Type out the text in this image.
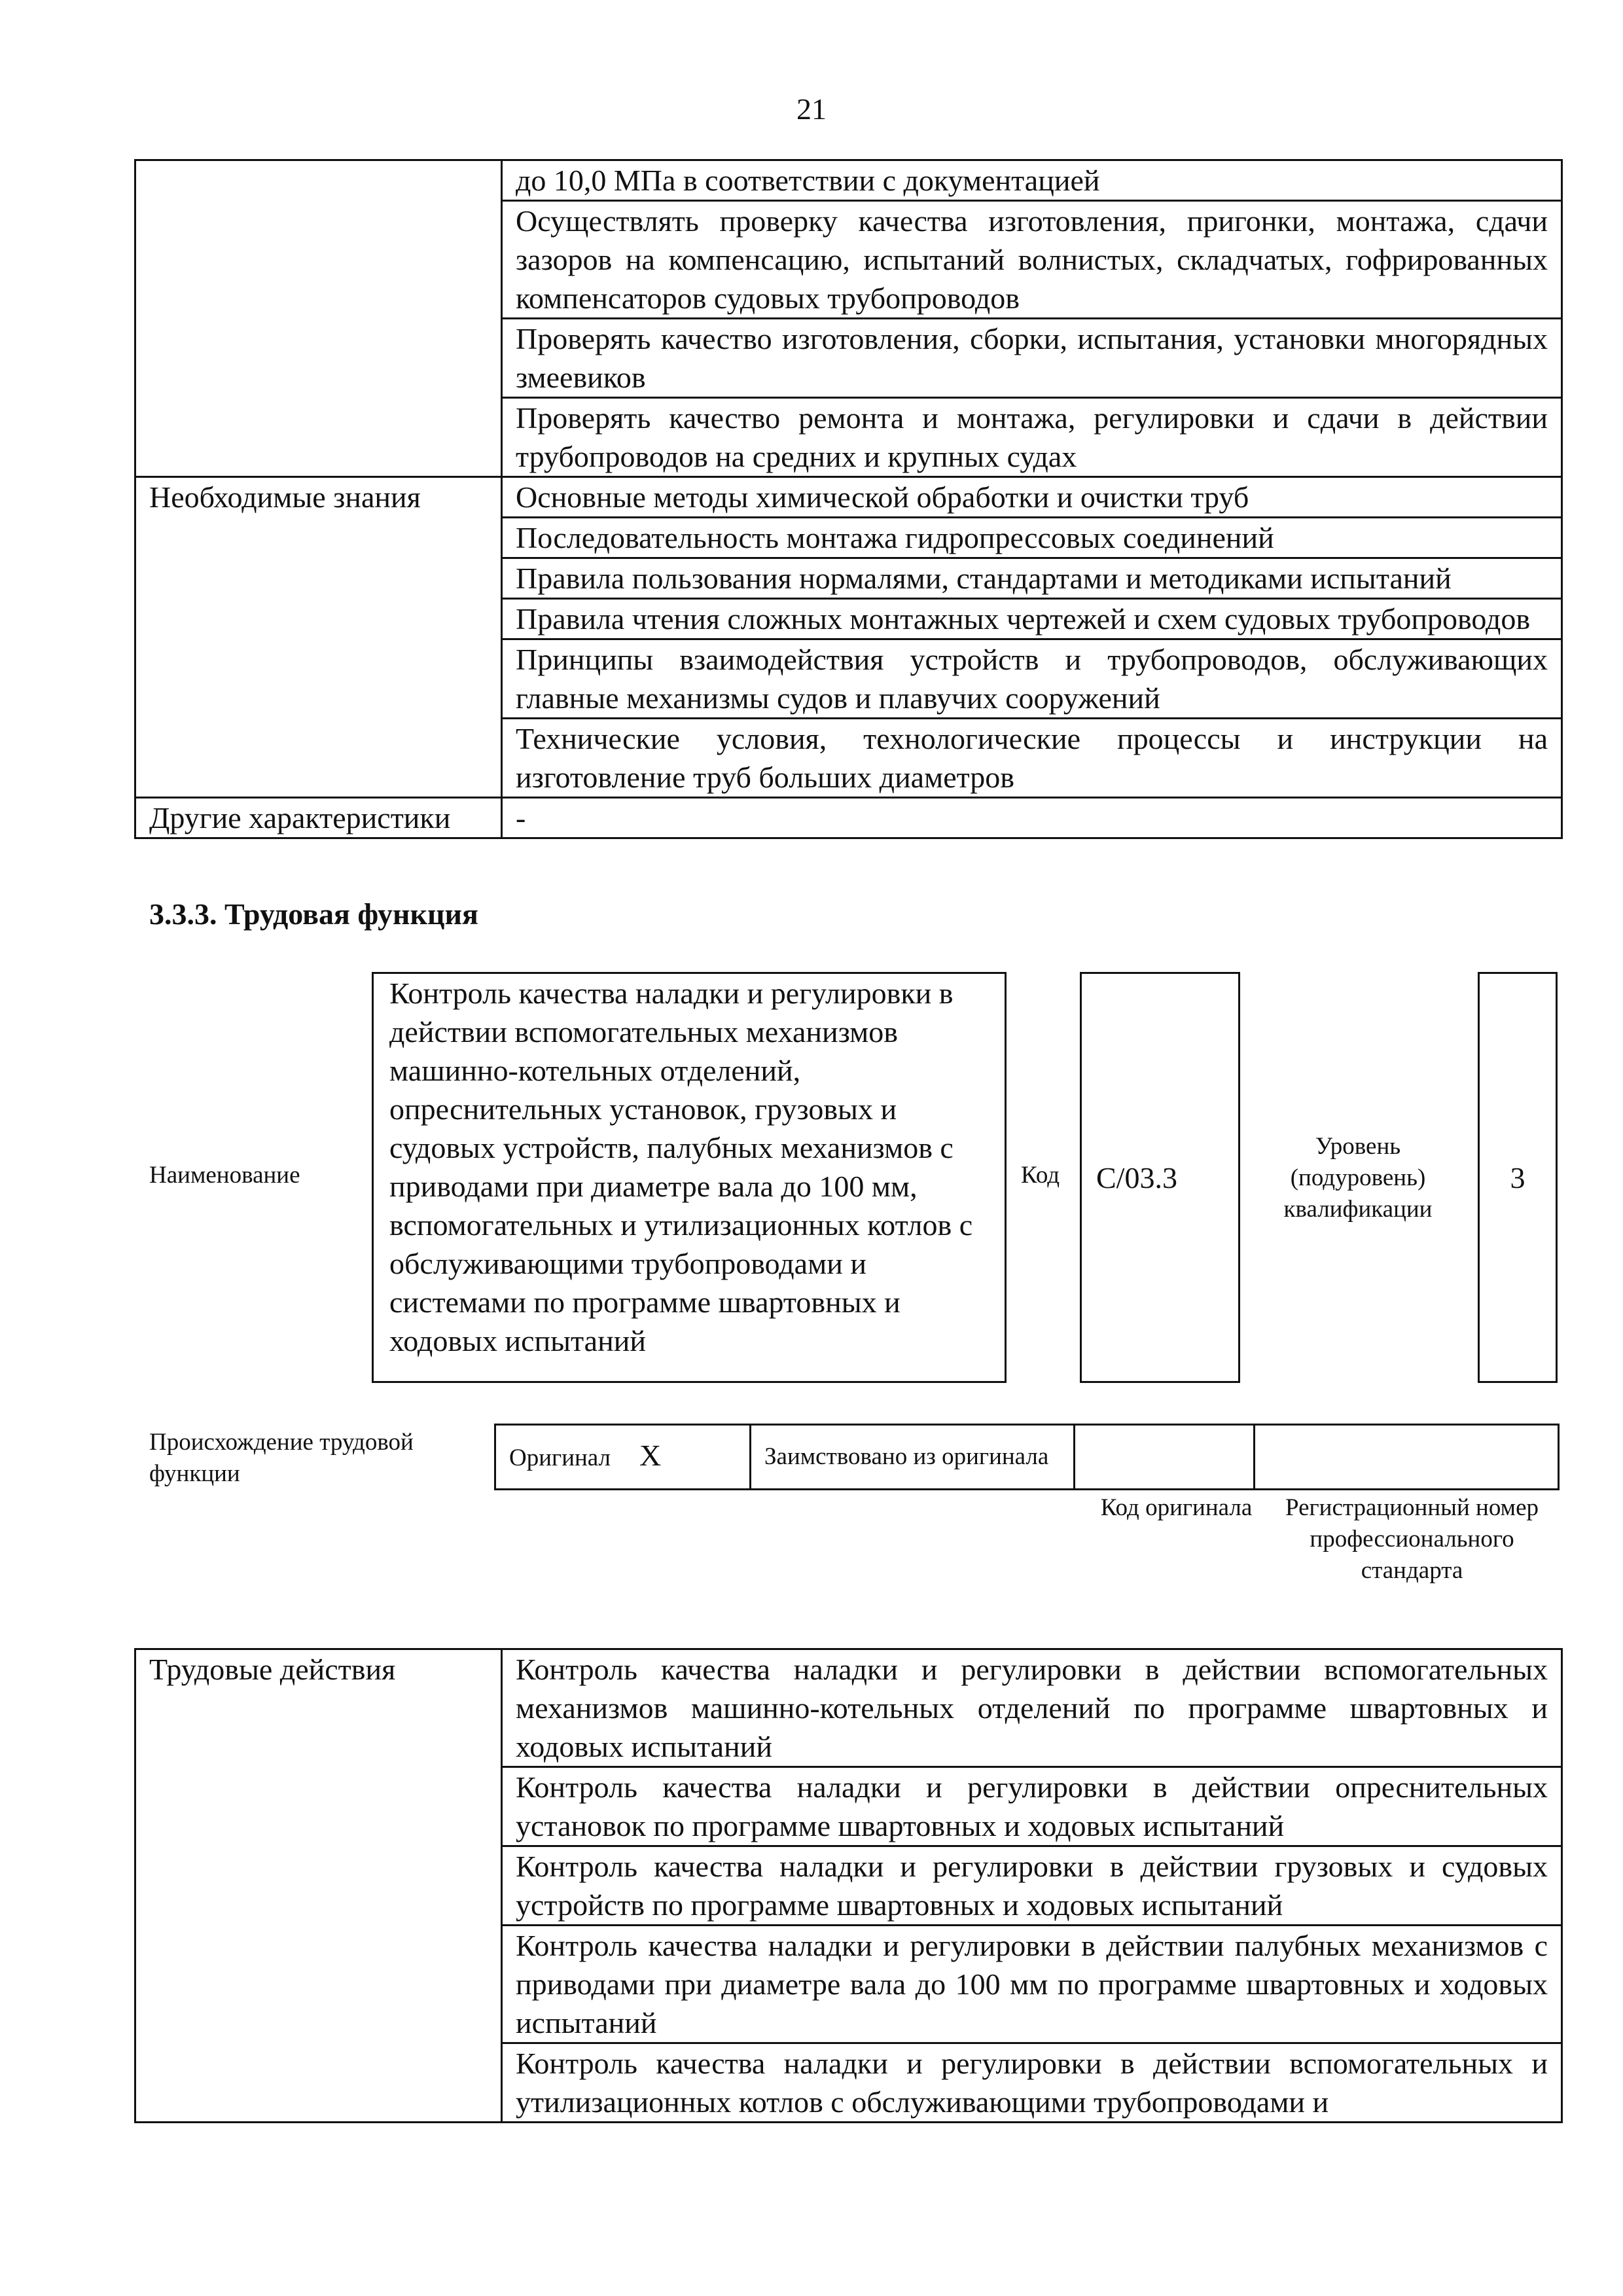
21
	до 10,0 МПа в соответствии с документацией
	Осуществлять проверку качества изготовления, пригонки, монтажа, сдачи зазоров на компенсацию, испытаний волнистых, складчатых, гофрированных компенсаторов судовых трубопроводов
	Проверять качество изготовления, сборки, испытания, установки многорядных змеевиков
	Проверять качество ремонта и монтажа, регулировки и сдачи в действии трубопроводов на средних и крупных судах
Необходимые знания	Основные методы химической обработки и очистки труб
	Последовательность монтажа гидропрессовых соединений
	Правила пользования нормалями, стандартами и методиками испытаний
	Правила чтения сложных монтажных чертежей и схем судовых трубопроводов
	Принципы взаимодействия устройств и трубопроводов, обслуживающих главные механизмы судов и плавучих сооружений
	Технические условия, технологические процессы и инструкции на изготовление труб больших диаметров
Другие характеристики	-
3.3.3. Трудовая функция
Наименование
Контроль качества наладки и регулировки в действии вспомогательных механизмов машинно-котельных отделений, опреснительных установок, грузовых и судовых устройств, палубных механизмов с приводами при диаметре вала до 100 мм, вспомогательных и утилизационных котлов с обслуживающими трубопроводами и системами по программе швартовных и ходовых испытаний
Код C/03.3
Уровень (подуровень) квалификации
3
Происхождение трудовой функции
Оригинал X	Заимствовано из оригинала		
Код оригинала	Регистрационный номер профессионального стандарта
Трудовые действия	Контроль качества наладки и регулировки в действии вспомогательных механизмов машинно-котельных отделений по программе швартовных и ходовых испытаний
Контроль качества наладки и регулировки в действии опреснительных установок по программе швартовных и ходовых испытаний
Контроль качества наладки и регулировки в действии грузовых и судовых устройств по программе швартовных и ходовых испытаний
Контроль качества наладки и регулировки в действии палубных механизмов с приводами при диаметре вала до 100 мм по программе швартовных и ходовых испытаний
Контроль качества наладки и регулировки в действии вспомогательных и утилизационных котлов с обслуживающими трубопроводами и
